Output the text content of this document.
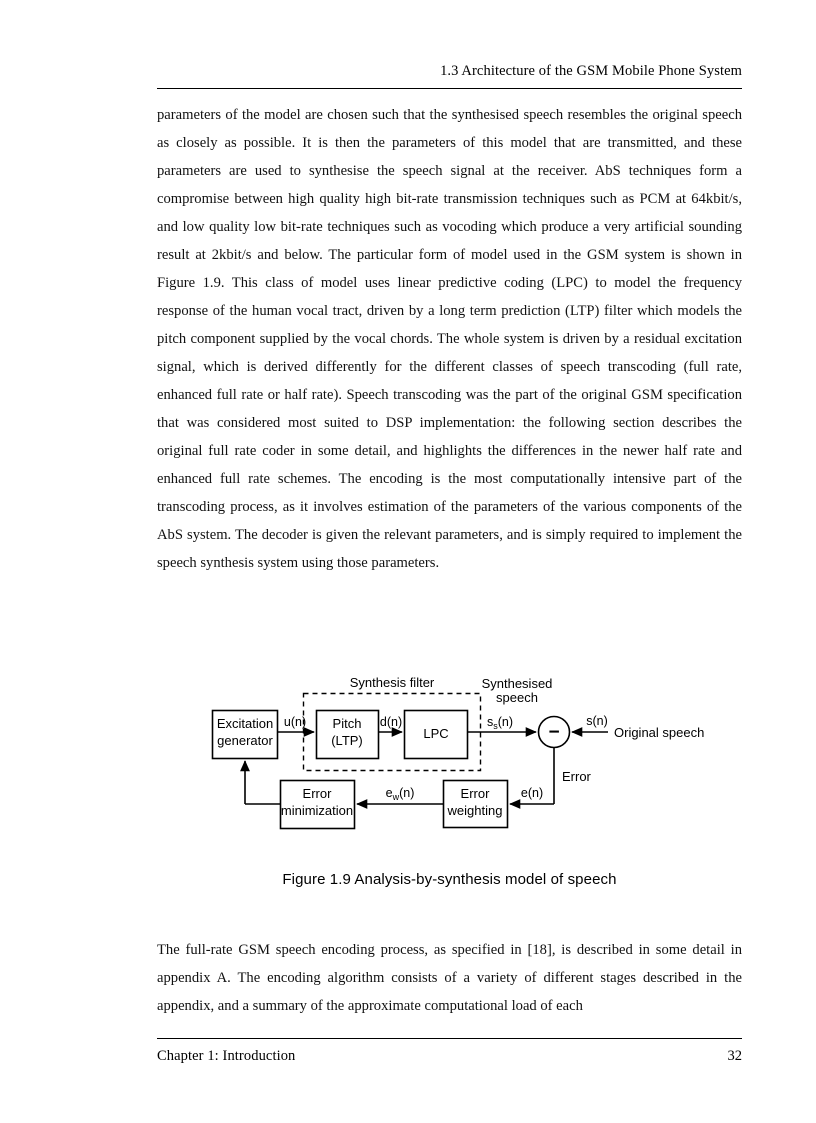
1.3 Architecture of the GSM Mobile Phone System
parameters of the model are chosen such that the synthesised speech resembles the original speech as closely as possible. It is then the parameters of this model that are transmitted, and these parameters are used to synthesise the speech signal at the receiver. AbS techniques form a compromise between high quality high bit-rate transmission techniques such as PCM at 64kbit/s, and low quality low bit-rate techniques such as vocoding which produce a very artificial sounding result at 2kbit/s and below. The particular form of model used in the GSM system is shown in Figure 1.9. This class of model uses linear predictive coding (LPC) to model the frequency response of the human vocal tract, driven by a long term prediction (LTP) filter which models the pitch component supplied by the vocal chords. The whole system is driven by a residual excitation signal, which is derived differently for the different classes of speech transcoding (full rate, enhanced full rate or half rate). Speech transcoding was the part of the original GSM specification that was considered most suited to DSP implementation: the following section describes the original full rate coder in some detail, and highlights the differences in the newer half rate and enhanced full rate schemes. The encoding is the most computationally intensive part of the transcoding process, as it involves estimation of the parameters of the various components of the AbS system. The decoder is given the relevant parameters, and is simply required to implement the speech synthesis system using those parameters.
Synthesis filter	Synthesised
speech
Excitation
generator
Pitch
(LTP)	LPC
Error
minimization
Error
weighting
−
u(n)	d(n)	$s_s(n)$	s(n)
Original speech
Error
e(n)
$e_w(n)$
Figure 1.9 Analysis-by-synthesis model of speech
The full-rate GSM speech encoding process, as specified in [18], is described in some detail in appendix A. The encoding algorithm consists of a variety of different stages described in the appendix, and a summary of the approximate computational load of each
Chapter 1: Introduction	32
